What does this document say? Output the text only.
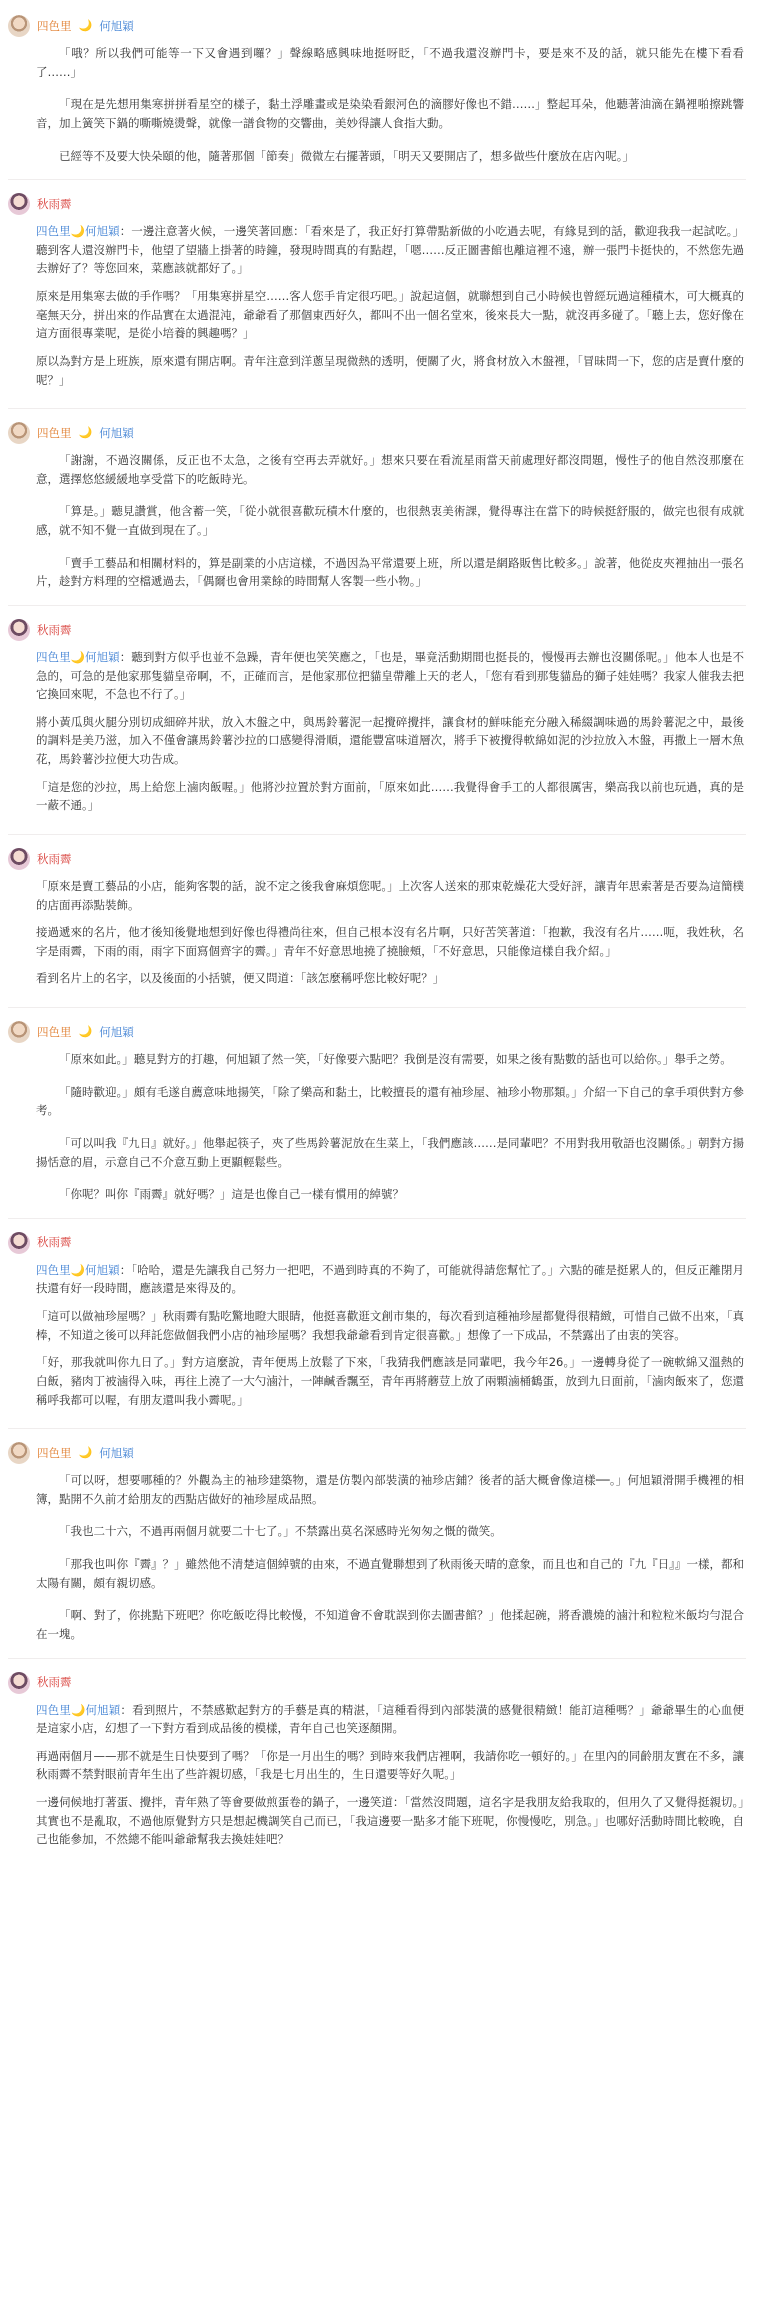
四色里 🌙 何旭穎

「哦？所以我們可能等一下又會遇到囉？」聲線略感興味地挺呀眨，「不過我還沒辦門卡，要是來不及的話，就只能先在樓下看看了……」

「現在是先想用集寒拼拼看星空的樣子，黏土浮雕畫或是染染看銀河色的滴膠好像也不錯……」整起耳朵，他聽著油滴在鍋裡啪擦跳響音，加上簧笑下鍋的嘶嘶燒燙聲，就像一譜食物的交響曲，美妙得讓人食指大動。

已經等不及要大快朵頤的他，隨著那個「節奏」微微左右擺著頭，「明天又要開店了，想多做些什麼放在店內呢。」

秋雨霽

四色里🌙何旭穎：一邊注意著火候，一邊笑著回應：「看來是了，我正好打算帶點新做的小吃過去呢，有緣見到的話，歡迎我我一起試吃。」聽到客人還沒辦門卡，他望了望牆上掛著的時鐘，發現時間真的有點趕，「嗯……反正圖書館也離這裡不遠，辦一張門卡挺快的，不然您先過去辦好了？等您回來，菜應該就都好了。」

原來是用集寒去做的手作嗎？「用集寒拼星空……客人您手肯定很巧吧。」說起這個，就聯想到自己小時候也曾經玩過這種積木，可大概真的毫無天分，拼出來的作品實在太過混沌，爺爺看了那個東西好久，都叫不出一個名堂來，後來長大一點，就沒再多碰了。「聽上去，您好像在這方面很專業呢，是從小培養的興趣嗎？」

原以為對方是上班族，原來還有開店啊。青年注意到洋蔥呈現微熱的透明，便關了火，將食材放入木盤裡，「冒昧問一下，您的店是賣什麼的呢？」

四色里 🌙 何旭穎

「謝謝，不過沒關係，反正也不太急，之後有空再去弄就好。」想來只要在看流星雨當天前處理好都沒問題，慢性子的他自然沒那麼在意，選擇悠悠緩緩地享受當下的吃飯時光。

「算是。」聽見讚賞，他含蓄一笑，「從小就很喜歡玩積木什麼的，也很熱衷美術課，覺得專注在當下的時候挺舒服的，做完也很有成就感，就不知不覺一直做到現在了。」

「賣手工藝品和相關材料的，算是副業的小店這樣，不過因為平常還要上班，所以還是網路販售比較多。」說著，他從皮夾裡抽出一張名片，趁對方料理的空檔遞過去，「偶爾也會用業餘的時間幫人客製一些小物。」

秋雨霽

四色里🌙何旭穎：聽到對方似乎也並不急躁，青年便也笑笑應之，「也是，畢竟活動期間也挺長的，慢慢再去辦也沒關係呢。」他本人也是不急的，可急的是他家那隻貓皇帝啊，不，正確而言，是他家那位把貓皇帶離上天的老人，「您有看到那隻貓島的獅子娃娃嗎？我家人催我去把它換回來呢，不急也不行了。」

將小黃瓜與火腿分別切成細碎丼狀，放入木盤之中，與馬鈴薯泥一起攪碎攪拌，讓食材的鮮味能充分融入稀綴調味過的馬鈴薯泥之中，最後的調料是美乃滋，加入不僅會讓馬鈴薯沙拉的口感變得滑順，還能豐富味道層次，將手下被攪得軟綿如泥的沙拉放入木盤，再撒上一層木魚花，馬鈴薯沙拉便大功告成。

「這是您的沙拉，馬上給您上滷肉飯喔。」他將沙拉置於對方面前，「原來如此……我覺得會手工的人都很厲害，樂高我以前也玩過，真的是一蔽不通。」

秋雨霽

「原來是賣工藝品的小店，能夠客製的話，說不定之後我會麻煩您呢。」上次客人送來的那束乾燥花大受好評，讓青年思索著是否要為這簡樸的店面再添點裝飾。

接過遞來的名片，他才後知後覺地想到好像也得禮尚往來，但自己根本沒有名片啊，只好苦笑著道：「抱歉，我沒有名片……呃，我姓秋，名字是雨霽，下雨的雨，雨字下面寫個齊字的霽。」青年不好意思地撓了撓臉頰，「不好意思，只能像這樣自我介紹。」

看到名片上的名字，以及後面的小括號，便又問道：「該怎麼稱呼您比較好呢？」

四色里 🌙 何旭穎

「原來如此。」聽見對方的打趣，何旭穎了然一笑，「好像要六點吧？我倒是沒有需要，如果之後有點數的話也可以給你。」舉手之勞。

「隨時歡迎。」頗有毛遂自薦意味地揚笑，「除了樂高和黏土，比較擅長的還有袖珍屋、袖珍小物那類。」介紹一下自己的拿手項供對方參考。

「可以叫我『九日』就好。」他舉起筷子，夾了些馬鈴薯泥放在生菜上，「我們應該……是同輩吧？不用對我用敬語也沒關係。」朝對方揚揚恬意的眉，示意自己不介意互動上更顯輕鬆些。

「你呢？叫你『雨霽』就好嗎？」這是也像自己一樣有慣用的綽號？

秋雨霽

四色里🌙何旭穎：「哈哈，還是先讓我自己努力一把吧，不過到時真的不夠了，可能就得請您幫忙了。」六點的確是挺累人的，但反正離閉月扶還有好一段時間，應該還是來得及的。

「這可以做袖珍屋嗎？」秋雨霽有點吃驚地瞪大眼睛，他挺喜歡逛文創市集的，每次看到這種袖珍屋都覺得很精緻，可惜自己做不出來，「真棒，不知道之後可以拜託您做個我們小店的袖珍屋嗎？我想我爺爺看到肯定很喜歡。」想像了一下成品，不禁露出了由衷的笑容。

「好，那我就叫你九日了。」對方這麼說，青年便馬上放鬆了下來，「我猜我們應該是同輩吧，我今年26。」一邊轉身從了一碗軟綿又溫熱的白飯，豬肉丁被滷得入味，再往上澆了一大勺滷汁，一陣鹹香飄至，青年再將蘑荳上放了兩顆滷桶鶴蛋，放到九日面前，「滷肉飯來了，您還稱呼我都可以喔，有朋友還叫我小霽呢。」

四色里 🌙 何旭穎

「可以呀，想要哪種的？外觀為主的袖珍建築物，還是仿製內部裝潢的袖珍店鋪？後者的話大概會像這樣──。」何旭穎滑開手機裡的相簿，點開不久前才給朋友的西點店做好的袖珍屋成品照。

「我也二十六，不過再兩個月就要二十七了。」不禁露出莫名深感時光匆匆之慨的微笑。

「那我也叫你『霽』？」雖然他不清楚這個綽號的由來，不過直覺聯想到了秋雨後天晴的意象，而且也和自己的『九『日』』一樣，都和太陽有關，頗有親切感。

「啊、對了，你挑點下班吧？你吃飯吃得比較慢，不知道會不會耽誤到你去圖書館？」他揉起碗，將香濃燒的滷汁和粒粒米飯均勻混合在一塊。

秋雨霽

四色里🌙何旭穎：看到照片，不禁感歎起對方的手藝是真的精湛，「這種看得到內部裝潢的感覺很精緻！能訂這種嗎？」爺爺畢生的心血便是這家小店，幻想了一下對方看到成品後的模樣，青年自己也笑逐顏開。

再過兩個月——那不就是生日快要到了嗎？「你是一月出生的嗎？到時來我們店裡啊，我請你吃一頓好的。」在里內的同齡朋友實在不多，讓秋雨霽不禁對眼前青年生出了些許親切感，「我是七月出生的，生日還要等好久呢。」

一邊伺候地打著蛋、攪拌，青年熟了等會要做煎蛋卷的鍋子，一邊笑道：「當然沒問題，這名字是我朋友給我取的，但用久了又覺得挺親切。」其實也不是亂取，不過他原覺對方只是想起機調笑自己而已，「我這邊要一點多才能下班呢，你慢慢吃，別急。」也哪好活動時間比較晚，自己也能參加，不然總不能叫爺爺幫我去換娃娃吧？
